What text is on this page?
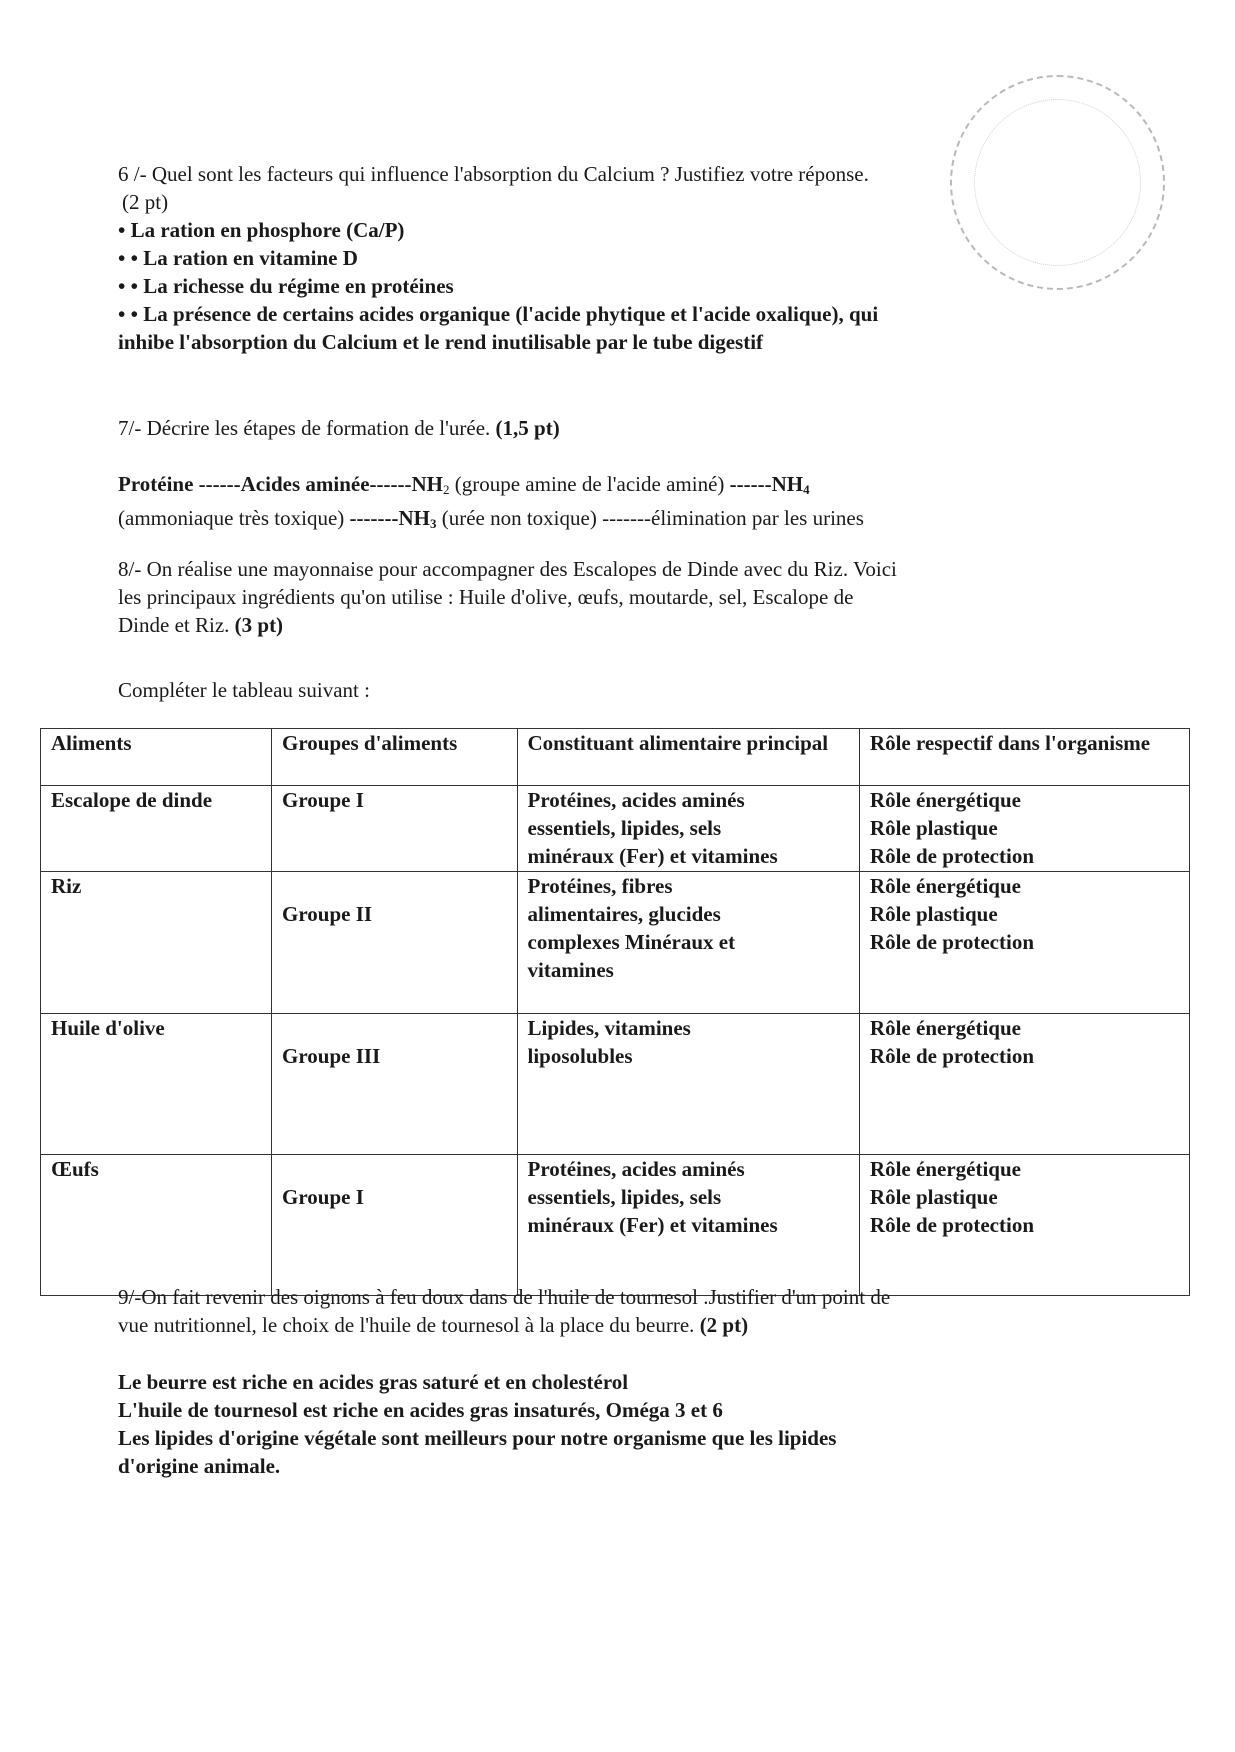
6 /- Quel sont les facteurs qui influence l'absorption du Calcium ? Justifiez votre réponse.

(2 pt)

• La ration en phosphore (Ca/P)

• • La ration en vitamine D

• • La richesse du régime en protéines

• • La présence de certains acides organique (l'acide phytique et l'acide oxalique), qui

inhibe l'absorption du Calcium et le rend inutilisable par le tube digestif

7/- Décrire les étapes de formation de l'urée. (1,5 pt)

Protéine ------Acides aminée-$-----NH_2$ (groupe amine de l'acide aminé) $------NH_4$

(ammoniaque très toxique) $-------NH_3$ (urée non toxique) -------élimination par les urines

8/- On réalise une mayonnaise pour accompagner des Escalopes de Dinde avec du Riz. Voici

les principaux ingrédients qu'on utilise : Huile d'olive, œufs, moutarde, sel, Escalope de

Dinde et Riz. (3 pt)

Compléter le tableau suivant :
Aliments	Groupes d'aliments	Constituant alimentaire principal	Rôle respectif dans l'organisme
Escalope de dinde	Groupe I	Protéines, acides aminés
essentiels, lipides, sels
minéraux (Fer) et vitamines	Rôle énergétique
Rôle plastique
Rôle de protection

Riz	Groupe II	Protéines, fibres
alimentaires, glucides
complexes Minéraux et
vitamines	Rôle énergétique
Rôle plastique
Rôle de protection

Huile d'olive	Groupe III	Lipides, vitamines
liposolubles	Rôle énergétique
Rôle de protection

Œufs	Groupe I	Protéines, acides aminés
essentiels, lipides, sels
minéraux (Fer) et vitamines	Rôle énergétique
Rôle plastique
Rôle de protection

9/-On fait revenir des oignons à feu doux dans de l'huile de tournesol .Justifier d'un point de

vue nutritionnel, le choix de l'huile de tournesol à la place du beurre. (2 pt)

Le beurre est riche en acides gras saturé et en cholestérol

L'huile de tournesol est riche en acides gras insaturés, Oméga 3 et 6

Les lipides d'origine végétale sont meilleurs pour notre organisme que les lipides

d'origine animale.
